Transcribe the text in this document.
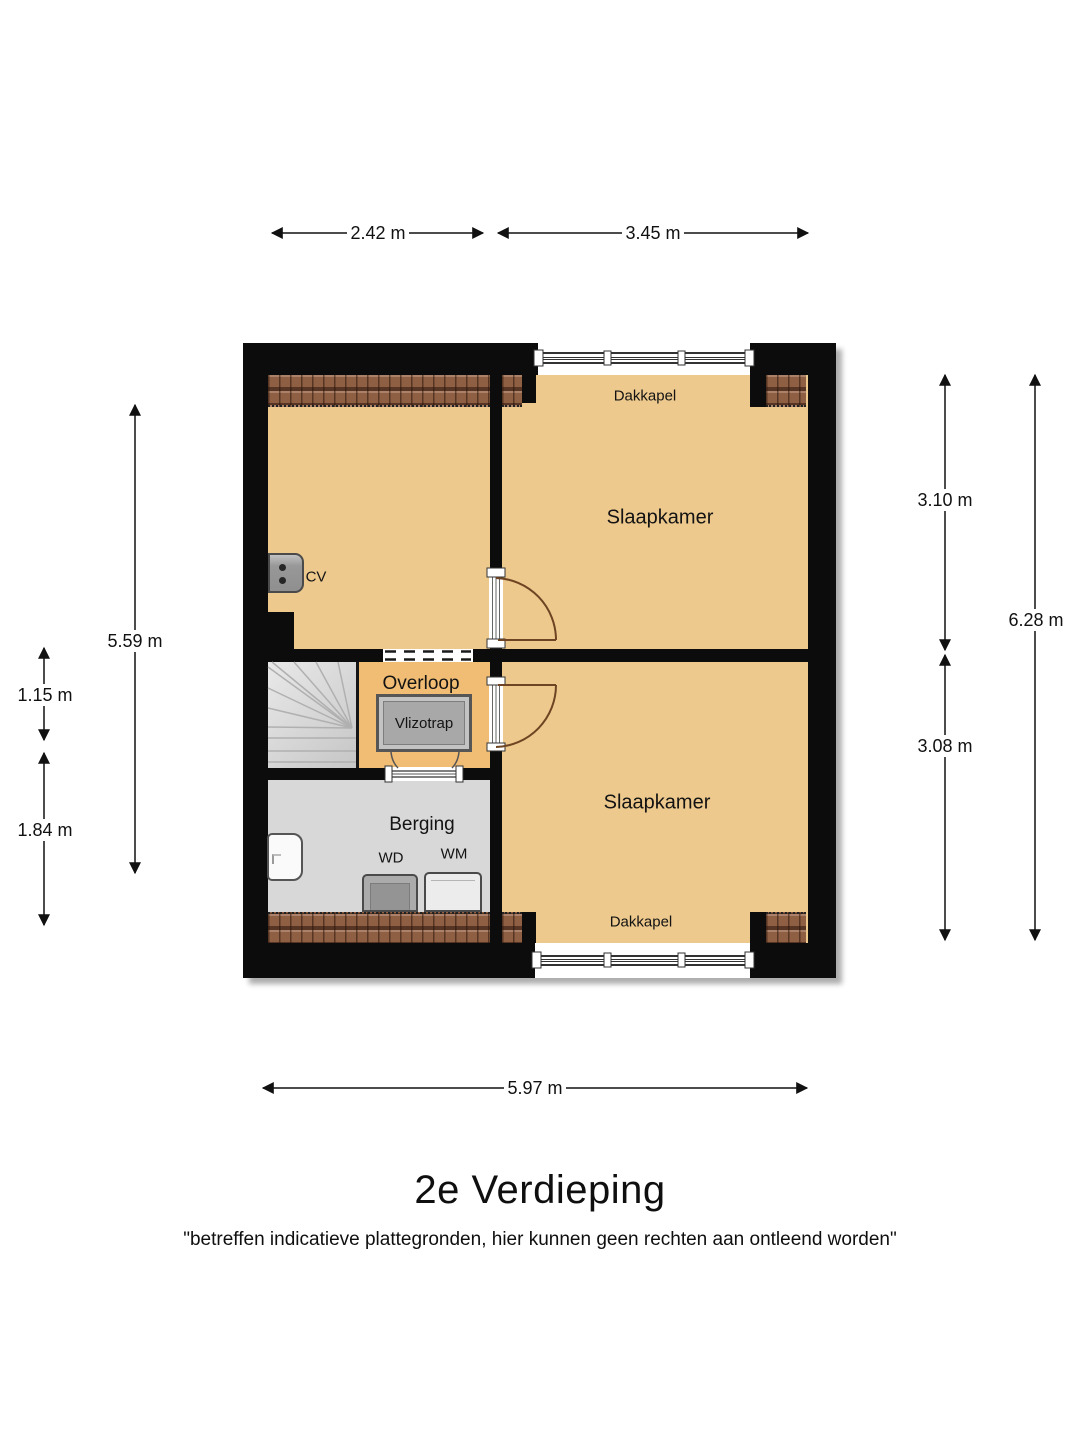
Vlizotrap
2.42 m	3.45 m
5.97 m
5.59 m
1.15 m
1.84 m
3.10 m
3.08 m
6.28 m
Slaapkamer
Slaapkamer
Overloop
Berging
Dakkapel
Dakkapel
CV
WD WM
2e Verdieping
"betreffen indicatieve plattegronden, hier kunnen geen rechten aan ontleend worden"
